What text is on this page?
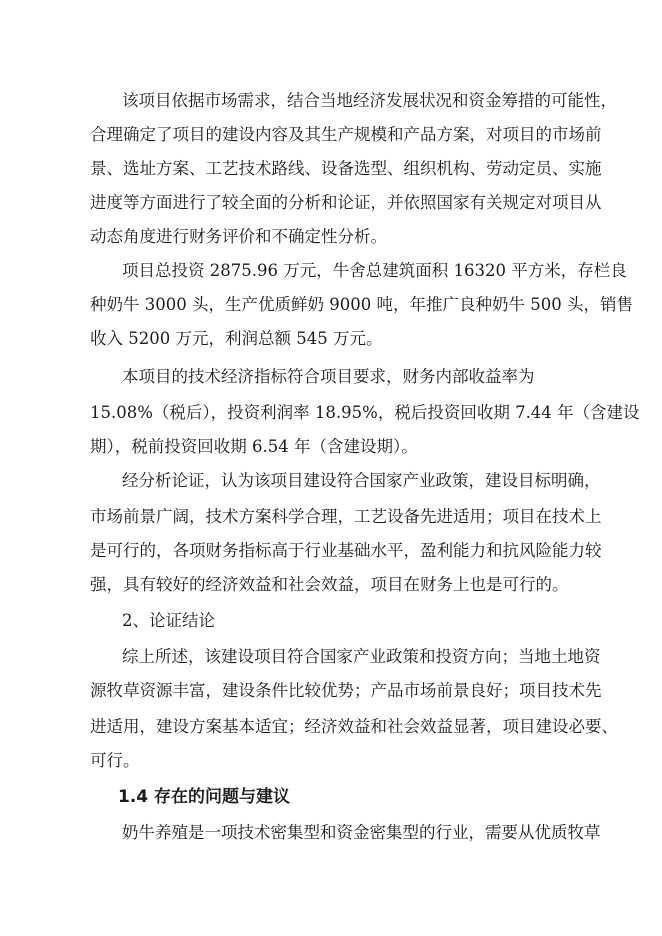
该项目依据市场需求，结合当地经济发展状况和资金筹措的可能性，
合理确定了项目的建设内容及其生产规模和产品方案，对项目的市场前
景、选址方案、工艺技术路线、设备选型、组织机构、劳动定员、实施
进度等方面进行了较全面的分析和论证，并依照国家有关规定对项目从
动态角度进行财务评价和不确定性分析。
项目总投资 2875.96 万元，牛舍总建筑面积 16320 平方米，存栏良
种奶牛 3000 头，生产优质鲜奶 9000 吨，年推广良种奶牛 500 头，销售
收入 5200 万元，利润总额 545 万元。
本项目的技术经济指标符合项目要求，财务内部收益率为
15.08%（税后），投资利润率 18.95%，税后投资回收期 7.44 年（含建设
期），税前投资回收期 6.54 年（含建设期）。
经分析论证，认为该项目建设符合国家产业政策，建设目标明确，
市场前景广阔，技术方案科学合理，工艺设备先进适用；项目在技术上
是可行的，各项财务指标高于行业基础水平，盈利能力和抗风险能力较
强，具有较好的经济效益和社会效益，项目在财务上也是可行的。
2、论证结论
综上所述，该建设项目符合国家产业政策和投资方向；当地土地资
源牧草资源丰富，建设条件比较优势；产品市场前景良好；项目技术先
进适用，建设方案基本适宜；经济效益和社会效益显著，项目建设必要、
可行。
1.4 存在的问题与建议
奶牛养殖是一项技术密集型和资金密集型的行业，需要从优质牧草
